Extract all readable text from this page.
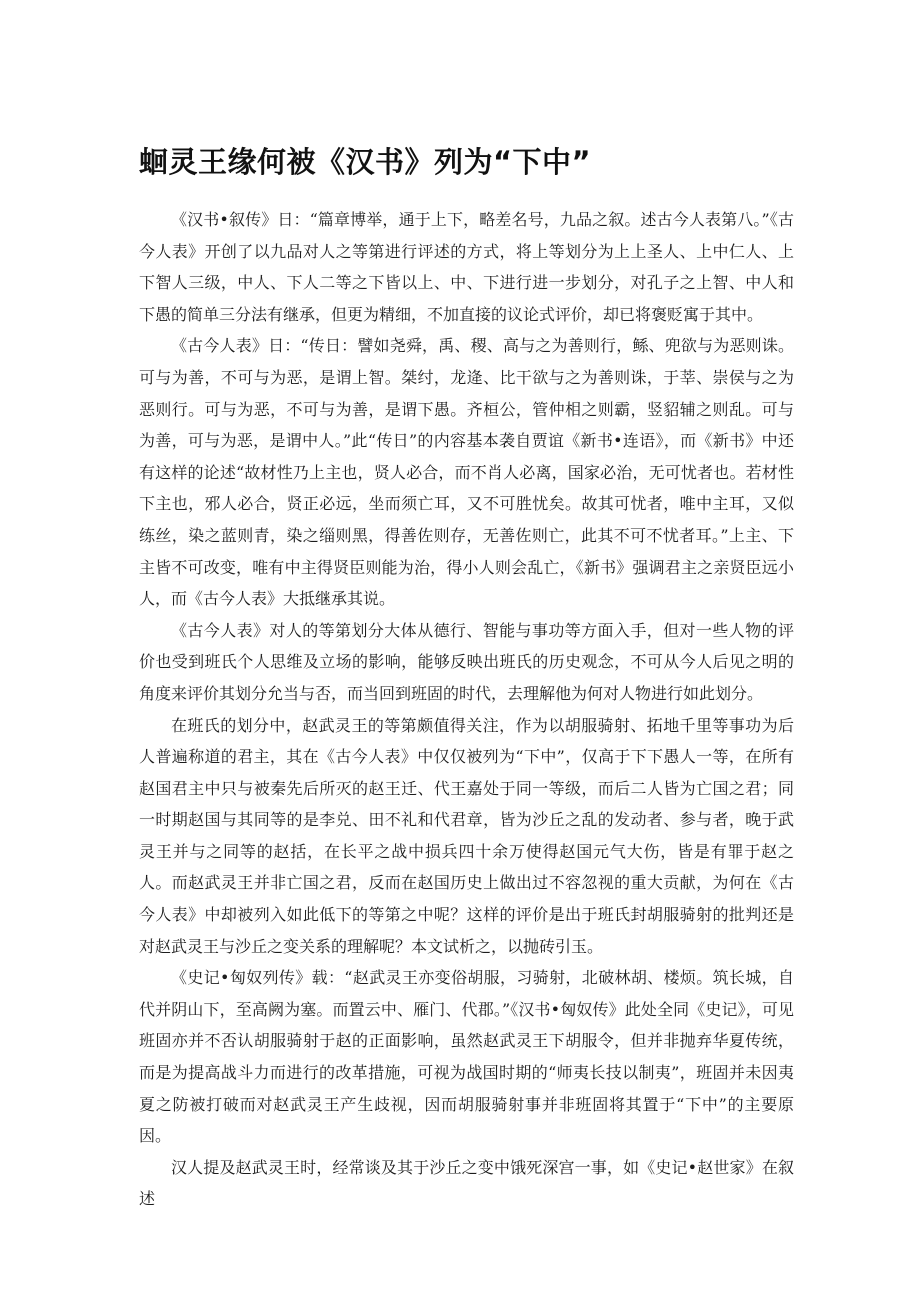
蛔灵王缘何被《汉书》列为“下中”

《汉书•叙传》日：“篇章博举，通于上下，略差名号，九品之叙。述古今人表第八。”《古今人表》开创了以九品对人之等第进行评述的方式，将上等划分为上上圣人、上中仁人、上下智人三级，中人、下人二等之下皆以上、中、下进行进一步划分，对孔子之上智、中人和下愚的简单三分法有继承，但更为精细，不加直接的议论式评价，却已将褒贬寓于其中。

《古今人表》日：“传日：譬如尧舜，禹、稷、高与之为善则行，鲧、兜欲与为恶则诛。可与为善，不可与为恶，是谓上智。桀纣，龙逄、比干欲与之为善则诛，于莘、崇侯与之为恶则行。可与为恶，不可与为善，是谓下愚。齐桓公，管仲相之则霸，竖貂辅之则乱。可与为善，可与为恶，是谓中人。”此“传日”的内容基本袭自贾谊《新书•连语》，而《新书》中还有这样的论述“故材性乃上主也，贤人必合，而不肖人必离，国家必治，无可忧者也。若材性下主也，邪人必合，贤正必远，坐而须亡耳，又不可胜忧矣。故其可忧者，唯中主耳，又似练丝，染之蓝则青，染之缁则黑，得善佐则存，无善佐则亡，此其不可不忧者耳。”上主、下主皆不可改变，唯有中主得贤臣则能为治，得小人则会乱亡，《新书》强调君主之亲贤臣远小人，而《古今人表》大抵继承其说。

《古今人表》对人的等第划分大体从德行、智能与事功等方面入手，但对一些人物的评价也受到班氏个人思维及立场的影响，能够反映出班氏的历史观念，不可从今人后见之明的角度来评价其划分允当与否，而当回到班固的时代，去理解他为何对人物进行如此划分。

在班氏的划分中，赵武灵王的等第颇值得关注，作为以胡服骑射、拓地千里等事功为后人普遍称道的君主，其在《古今人表》中仅仅被列为“下中”，仅高于下下愚人一等，在所有赵国君主中只与被秦先后所灭的赵王迁、代王嘉处于同一等级，而后二人皆为亡国之君；同一时期赵国与其同等的是李兑、田不礼和代君章，皆为沙丘之乱的发动者、参与者，晚于武灵王并与之同等的赵括，在长平之战中损兵四十余万使得赵国元气大伤，皆是有罪于赵之人。而赵武灵王并非亡国之君，反而在赵国历史上做出过不容忽视的重大贡献，为何在《古今人表》中却被列入如此低下的等第之中呢？这样的评价是出于班氏封胡服骑射的批判还是对赵武灵王与沙丘之变关系的理解呢？本文试析之，以抛砖引玉。

《史记•匈奴列传》载：“赵武灵王亦变俗胡服，习骑射，北破林胡、楼烦。筑长城，自代并阴山下，至高阙为塞。而置云中、雁门、代郡。”《汉书•匈奴传》此处全同《史记》，可见班固亦并不否认胡服骑射于赵的正面影响，虽然赵武灵王下胡服令，但并非抛弃华夏传统，而是为提高战斗力而进行的改革措施，可视为战国时期的“师夷长技以制夷”，班固并未因夷夏之防被打破而对赵武灵王产生歧视，因而胡服骑射事并非班固将其置于“下中”的主要原因。

汉人提及赵武灵王时，经常谈及其于沙丘之变中饿死深宫一事，如《史记•赵世家》在叙述
